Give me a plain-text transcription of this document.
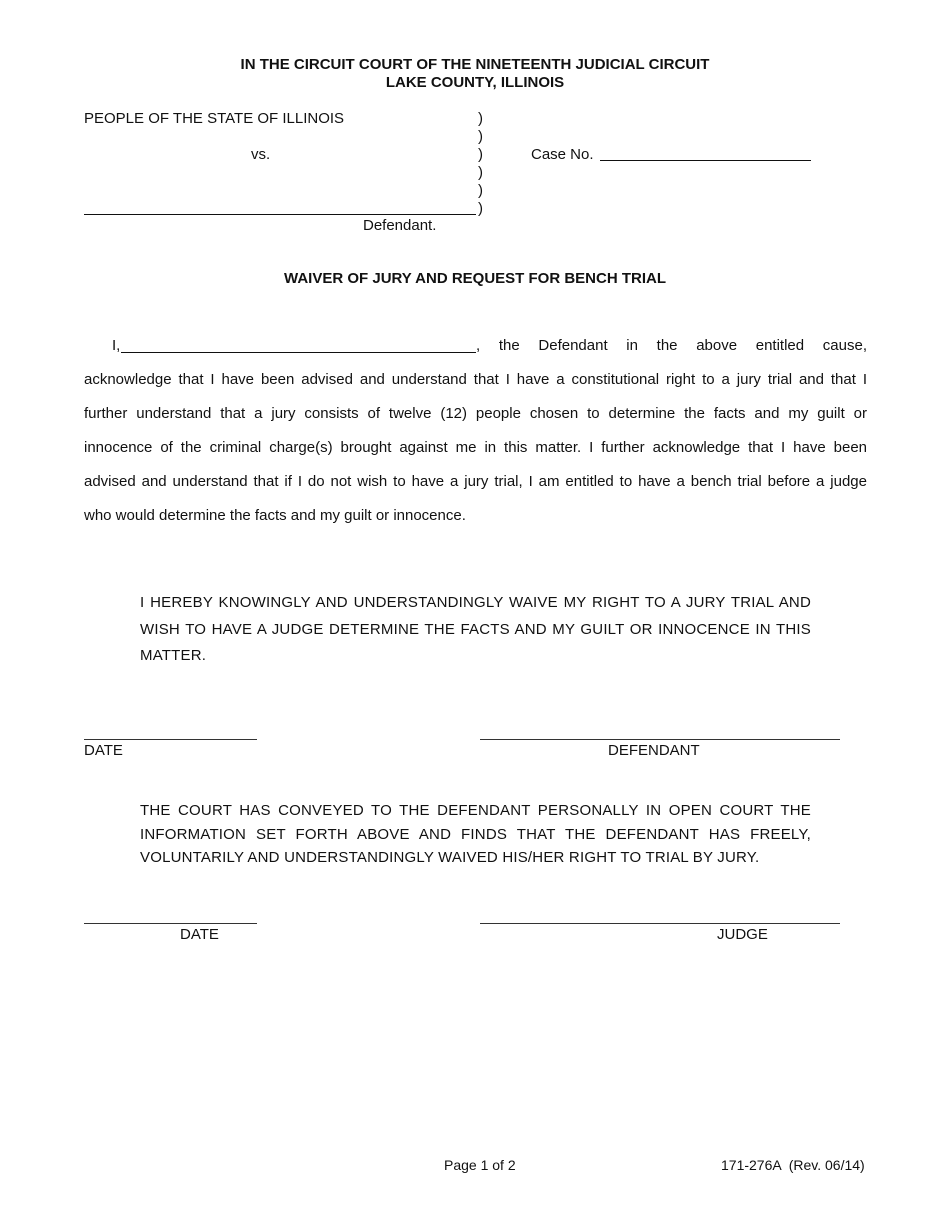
IN THE CIRCUIT COURT OF THE NINETEENTH JUDICIAL CIRCUIT
LAKE COUNTY, ILLINOIS
PEOPLE OF THE STATE OF ILLINOIS
vs.
)
)
)
)
)
)
Defendant.
Case No.
WAIVER OF JURY AND REQUEST FOR BENCH TRIAL
I,	,  the  Defendant  in  the  above  entitled  cause,
acknowledge that I have been advised and understand that I have a constitutional right to a jury trial and that I
further understand that a jury consists of twelve (12) people chosen to determine the facts and my guilt or
innocence of the criminal charge(s) brought against me in this matter. I further acknowledge that I have been
advised and understand that if I do not wish to have a jury trial, I am entitled to have a bench trial before a judge
who would determine the facts and my guilt or innocence.
I HEREBY KNOWINGLY AND UNDERSTANDINGLY WAIVE MY RIGHT TO A JURY TRIAL AND WISH TO HAVE A JUDGE DETERMINE THE FACTS AND MY GUILT OR INNOCENCE IN THIS MATTER.
DATE	DEFENDANT
THE COURT HAS CONVEYED TO THE DEFENDANT PERSONALLY IN OPEN COURT THE INFORMATION SET FORTH ABOVE AND FINDS THAT THE DEFENDANT HAS FREELY, VOLUNTARILY AND UNDERSTANDINGLY WAIVED HIS/HER RIGHT TO TRIAL BY JURY.
DATE	JUDGE
Page 1 of 2	171-276A  (Rev. 06/14)
